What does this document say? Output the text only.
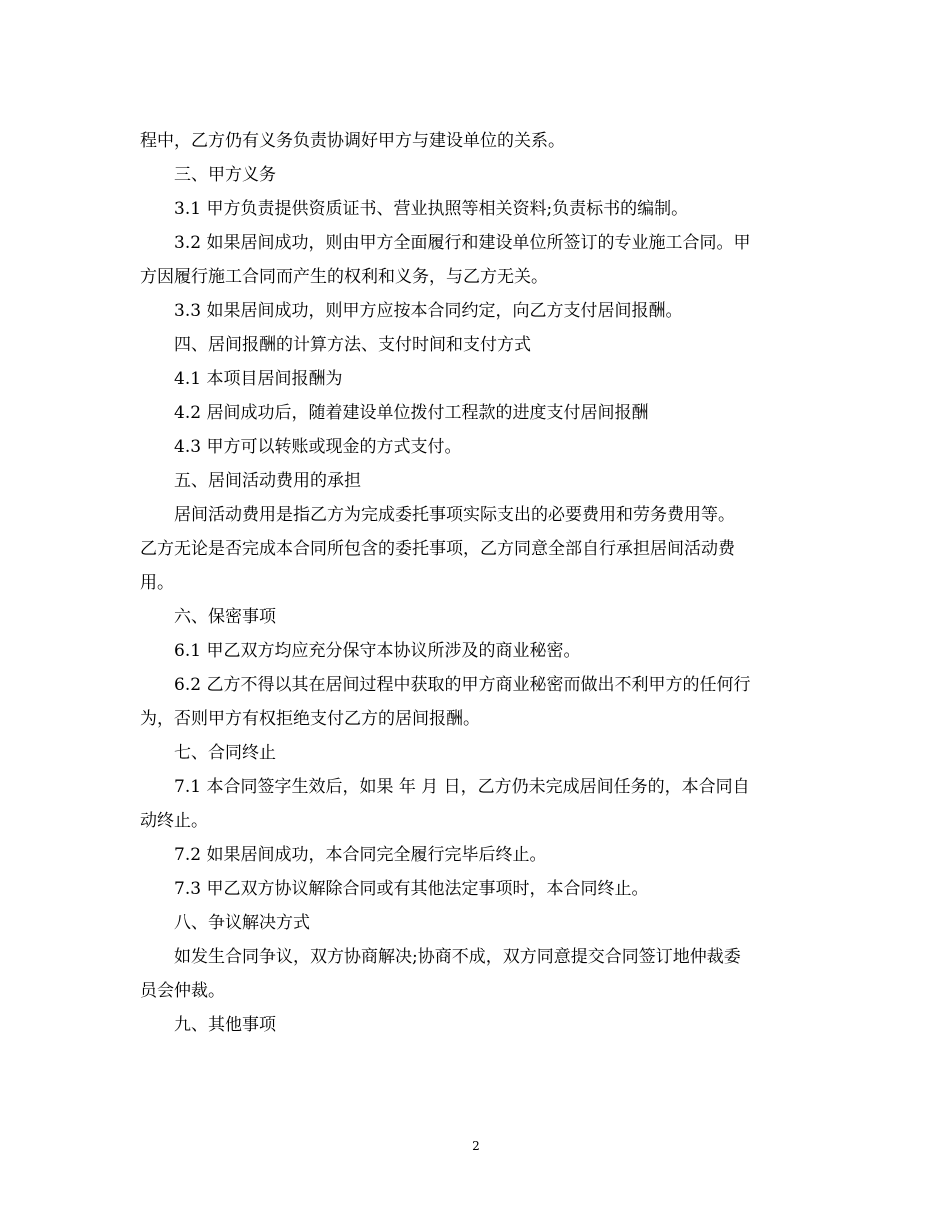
程中，乙方仍有义务负责协调好甲方与建设单位的关系。
三、甲方义务
3.1 甲方负责提供资质证书、营业执照等相关资料;负责标书的编制。
3.2 如果居间成功，则由甲方全面履行和建设单位所签订的专业施工合同。甲
方因履行施工合同而产生的权利和义务，与乙方无关。
3.3 如果居间成功，则甲方应按本合同约定，向乙方支付居间报酬。
四、居间报酬的计算方法、支付时间和支付方式
4.1 本项目居间报酬为
4.2 居间成功后，随着建设单位拨付工程款的进度支付居间报酬
4.3 甲方可以转账或现金的方式支付。
五、居间活动费用的承担
居间活动费用是指乙方为完成委托事项实际支出的必要费用和劳务费用等。
乙方无论是否完成本合同所包含的委托事项，乙方同意全部自行承担居间活动费
用。
六、保密事项
6.1 甲乙双方均应充分保守本协议所涉及的商业秘密。
6.2 乙方不得以其在居间过程中获取的甲方商业秘密而做出不利甲方的任何行
为，否则甲方有权拒绝支付乙方的居间报酬。
七、合同终止
7.1 本合同签字生效后，如果 年 月 日，乙方仍未完成居间任务的，本合同自
动终止。
7.2 如果居间成功，本合同完全履行完毕后终止。
7.3 甲乙双方协议解除合同或有其他法定事项时，本合同终止。
八、争议解决方式
如发生合同争议，双方协商解决;协商不成，双方同意提交合同签订地仲裁委
员会仲裁。
九、其他事项
2
